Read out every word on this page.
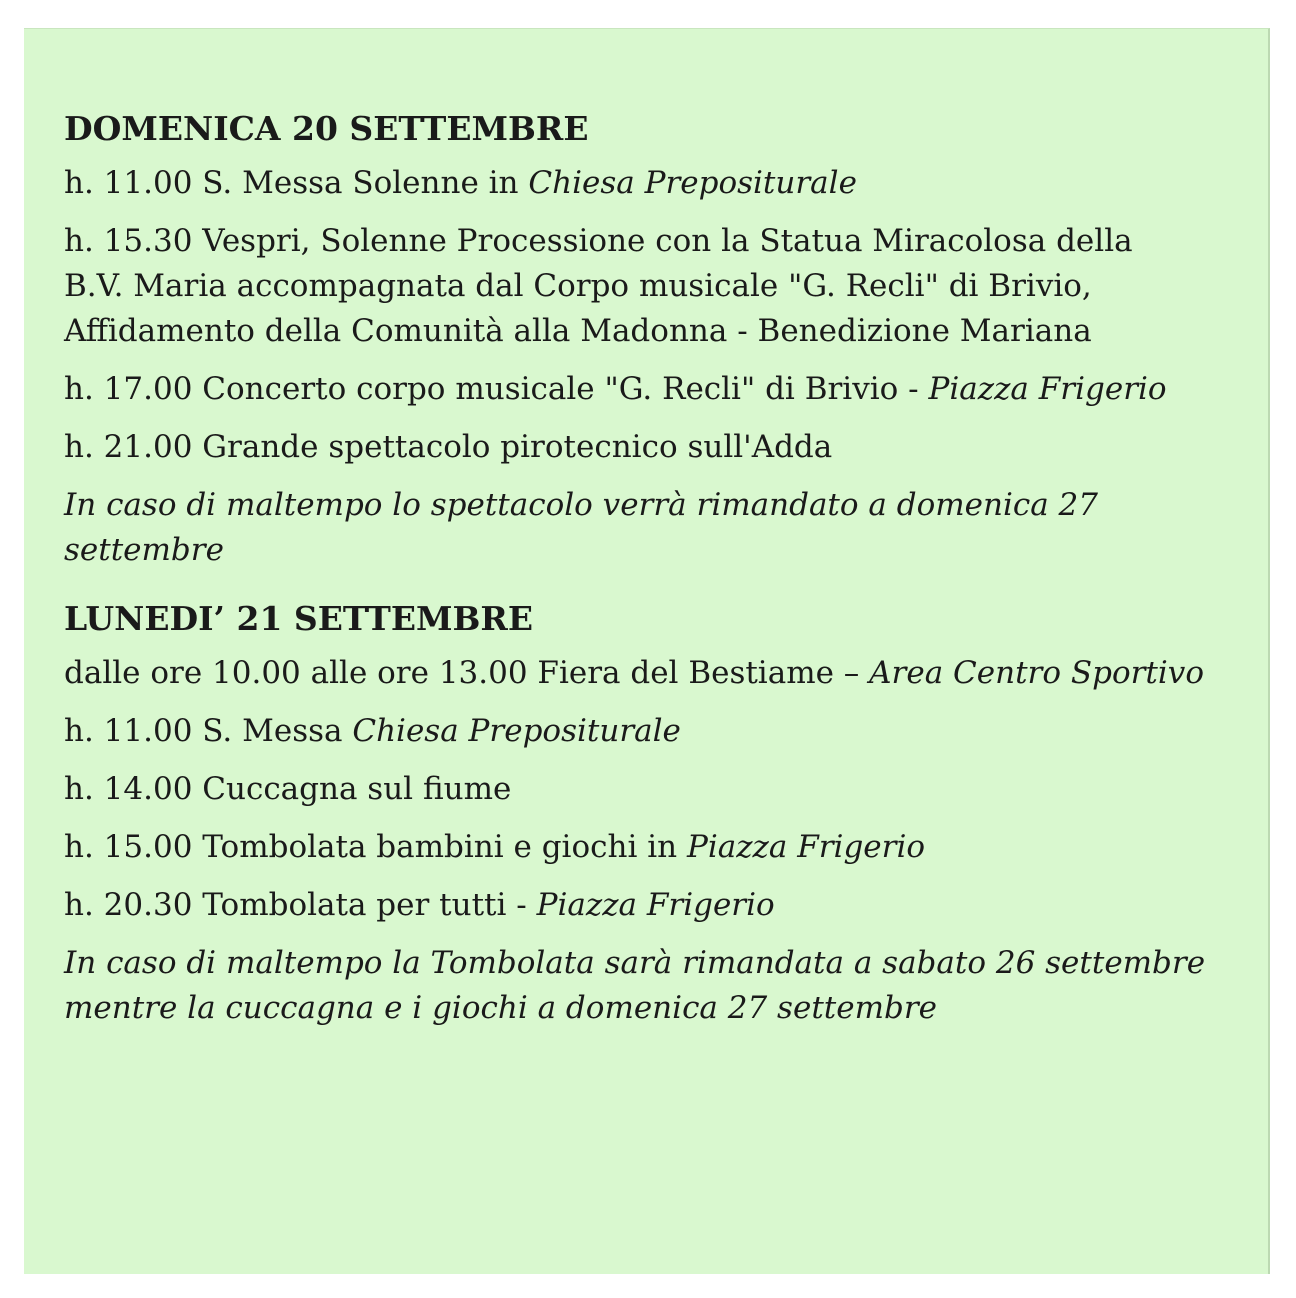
DOMENICA 20 SETTEMBRE
h. 11.00 S. Messa Solenne in Chiesa Prepositurale
h. 15.30 Vespri, Solenne Processione con la Statua Miracolosa della
B.V. Maria accompagnata dal Corpo musicale "G. Recli" di Brivio,
Affidamento della Comunità alla Madonna - Benedizione Mariana
h. 17.00 Concerto corpo musicale "G. Recli" di Brivio - Piazza Frigerio
h. 21.00 Grande spettacolo pirotecnico sull'Adda
In caso di maltempo lo spettacolo verrà rimandato a domenica 27 settembre
LUNEDI’ 21 SETTEMBRE
dalle ore 10.00 alle ore 13.00 Fiera del Bestiame – Area Centro Sportivo
h. 11.00 S. Messa Chiesa Prepositurale
h. 14.00 Cuccagna sul fiume
h. 15.00 Tombolata bambini e giochi in Piazza Frigerio
h. 20.30 Tombolata per tutti - Piazza Frigerio
In caso di maltempo la Tombolata sarà rimandata a sabato 26 settembre
mentre la cuccagna e i giochi a domenica 27 settembre
